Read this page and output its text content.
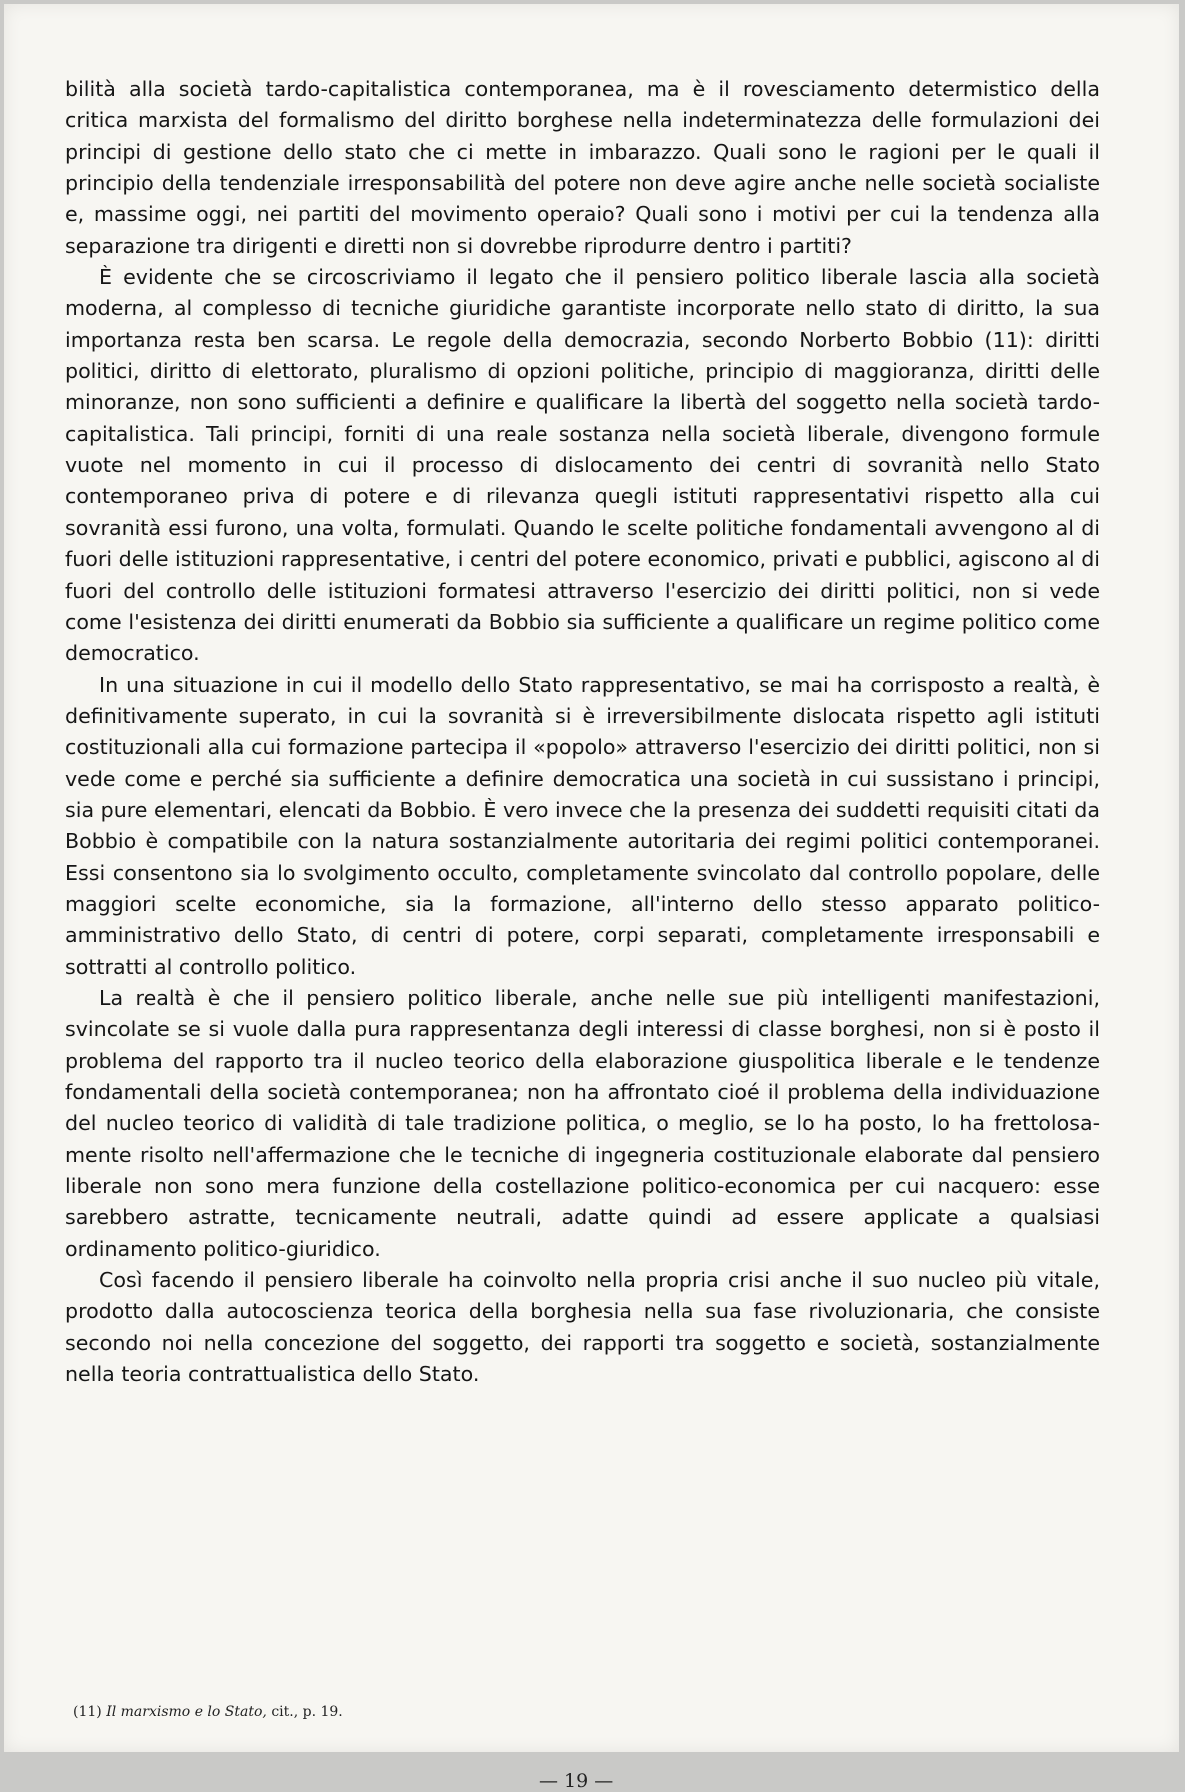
bilità alla società tardo-capitalistica contemporanea, ma è il rovesciamento determistico della critica marxista del formalismo del diritto borghese nella indeterminatezza delle formulazioni dei principi di gestione dello stato che ci mette in imbarazzo. Quali sono le ragioni per le quali il principio della tendenziale irresponsabilità del potere non deve agire anche nelle società socialiste e, massime oggi, nei partiti del movimento operaio? Quali sono i motivi per cui la tendenza alla separazione tra dirigenti e diretti non si dovrebbe riprodurre dentro i partiti?

È evidente che se circoscriviamo il legato che il pensiero politico liberale lascia alla società moderna, al complesso di tecniche giuridiche garantiste incorporate nello stato di diritto, la sua importanza resta ben scarsa. Le regole della democrazia, secondo Norberto Bobbio (11): diritti politici, diritto di elettorato, pluralismo di opzioni politiche, principio di maggioranza, diritti delle minoranze, non sono sufficienti a definire e qualificare la libertà del soggetto nella società tardo-capitalistica. Tali principi, forniti di una reale sostanza nella società liberale, divengono formule vuote nel momento in cui il processo di dislocamento dei centri di sovranità nello Stato contemporaneo priva di potere e di rilevanza quegli istituti rappresentativi rispetto alla cui sovranità essi furono, una volta, formulati. Quando le scelte politiche fondamentali avvengono al di fuori delle istituzioni rappresentative, i centri del potere economico, privati e pubblici, agiscono al di fuori del controllo delle istituzioni formatesi attraverso l'esercizio dei diritti politici, non si vede come l'esistenza dei diritti enumerati da Bobbio sia sufficiente a qualificare un regime politico come democratico.

In una situazione in cui il modello dello Stato rappresentativo, se mai ha corrisposto a realtà, è definitivamente superato, in cui la sovranità si è irreversibilmente dislocata rispetto agli istituti costituzionali alla cui formazione partecipa il «popolo» attraverso l'esercizio dei diritti politici, non si vede come e perché sia sufficiente a definire democratica una società in cui sussistano i principi, sia pure elementari, elencati da Bobbio. È vero invece che la presenza dei suddetti requisiti citati da Bobbio è compatibile con la natura sostanzialmente autoritaria dei regimi politici contemporanei. Essi consentono sia lo svolgimento occulto, completamente svincolato dal controllo popolare, delle maggiori scelte economiche, sia la formazione, all'interno dello stesso apparato politico-amministrativo dello Stato, di centri di potere, corpi separati, completamente irresponsabili e sottratti al controllo politico.

La realtà è che il pensiero politico liberale, anche nelle sue più intelligenti manifestazioni, svincolate se si vuole dalla pura rappresentanza degli interessi di classe borghesi, non si è posto il problema del rapporto tra il nucleo teorico della elaborazione giuspolitica liberale e le tendenze fondamentali della società contemporanea; non ha affrontato cioé il problema della individuazione del nucleo teorico di validità di tale tradizione politica, o meglio, se lo ha posto, lo ha frettolosamente risolto nell'affermazione che le tecniche di ingegneria costituzionale elaborate dal pensiero liberale non sono mera funzione della costellazione politico-economica per cui nacquero: esse sarebbero astratte, tecnicamente neutrali, adatte quindi ad essere applicate a qualsiasi ordinamento politico-giuridico.

Così facendo il pensiero liberale ha coinvolto nella propria crisi anche il suo nucleo più vitale, prodotto dalla autocoscienza teorica della borghesia nella sua fase rivoluzionaria, che consiste secondo noi nella concezione del soggetto, dei rapporti tra soggetto e società, sostanzialmente nella teoria contrattualistica dello Stato.

(11) Il marxismo e lo Stato, cit., p. 19.
— 19 —
